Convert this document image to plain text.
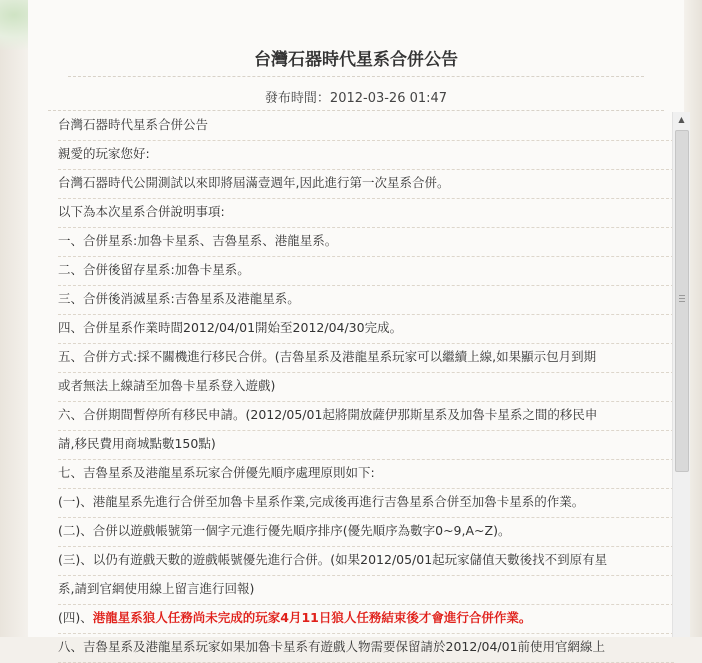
台灣石器時代星系合併公告
發布時間：2012-03-26 01:47
台灣石器時代星系合併公告
親愛的玩家您好:
台灣石器時代公開測試以來即將屆滿壹週年,因此進行第一次星系合併。
以下為本次星系合併說明事項:
一、合併星系:加魯卡星系、吉魯星系、港龍星系。
二、合併後留存星系:加魯卡星系。
三、合併後消滅星系:吉魯星系及港龍星系。
四、合併星系作業時間2012/04/01開始至2012/04/30完成。
五、合併方式:採不關機進行移民合併。(吉魯星系及港龍星系玩家可以繼續上線,如果顯示包月到期
或者無法上線請至加魯卡星系登入遊戲)
六、合併期間暫停所有移民申請。(2012/05/01起將開放薩伊那斯星系及加魯卡星系之間的移民申
請,移民費用商城點數150點)
七、吉魯星系及港龍星系玩家合併優先順序處理原則如下:
(一)、港龍星系先進行合併至加魯卡星系作業,完成後再進行吉魯星系合併至加魯卡星系的作業。
(二)、合併以遊戲帳號第一個字元進行優先順序排序(優先順序為數字0~9,A~Z)。
(三)、以仍有遊戲天數的遊戲帳號優先進行合併。(如果2012/05/01起玩家儲值天數後找不到原有星
系,請到官網使用線上留言進行回報)
(四)、港龍星系狼人任務尚未完成的玩家4月11日狼人任務結束後才會進行合併作業。
八、吉魯星系及港龍星系玩家如果加魯卡星系有遊戲人物需要保留請於2012/04/01前使用官網線上
▲
